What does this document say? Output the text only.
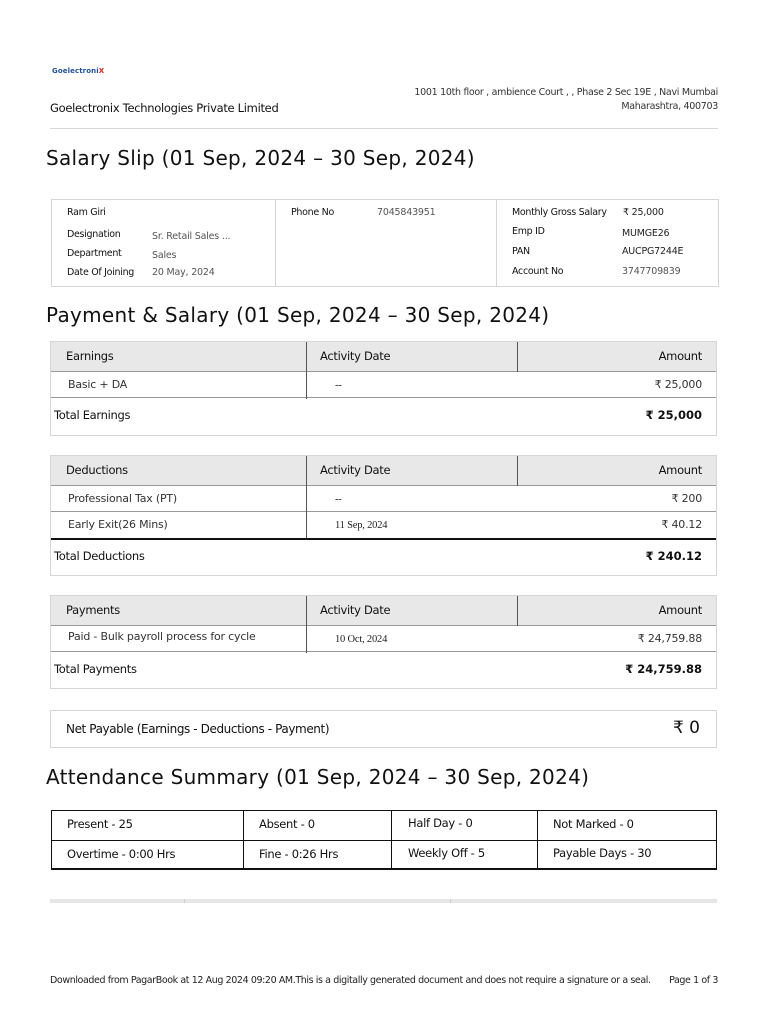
GoelectroniX
Goelectronix Technologies Private Limited
1001 10th floor , ambience Court , , Phase 2 Sec 19E , Navi Mumbai
Maharashtra, 400703
Salary Slip (01 Sep, 2024 – 30 Sep, 2024)
Ram Giri
Designation	Sr. Retail Sales ...
Department	Sales
Date Of Joining 20 May, 2024
Phone No	7045843951	Monthly Gross Salary ₹ 25,000
Emp ID	MUMGE26
PAN	AUCPG7244E
Account No	3747709839
Payment & Salary (01 Sep, 2024 – 30 Sep, 2024)
Earnings	Activity Date	Amount
Basic + DA	--	₹ 25,000
Total Earnings	₹ 25,000
Deductions	Activity Date	Amount
Professional Tax (PT)	--	₹ 200
Early Exit(26 Mins)	11 Sep, 2024	₹ 40.12
Total Deductions	₹ 240.12
Payments	Activity Date	Amount
Paid - Bulk payroll process for cycle	10 Oct, 2024	₹ 24,759.88
Total Payments	₹ 24,759.88
Net Payable (Earnings - Deductions - Payment)	₹ 0
Attendance Summary (01 Sep, 2024 – 30 Sep, 2024)
Present - 25	Absent - 0	Half Day - 0	Not Marked - 0
Overtime - 0:00 Hrs	Fine - 0:26 Hrs	Weekly Off - 5	Payable Days - 30
Downloaded from PagarBook at 12 Aug 2024 09:20 AM.This is a digitally generated document and does not require a signature or a seal. Page 1 of 3
